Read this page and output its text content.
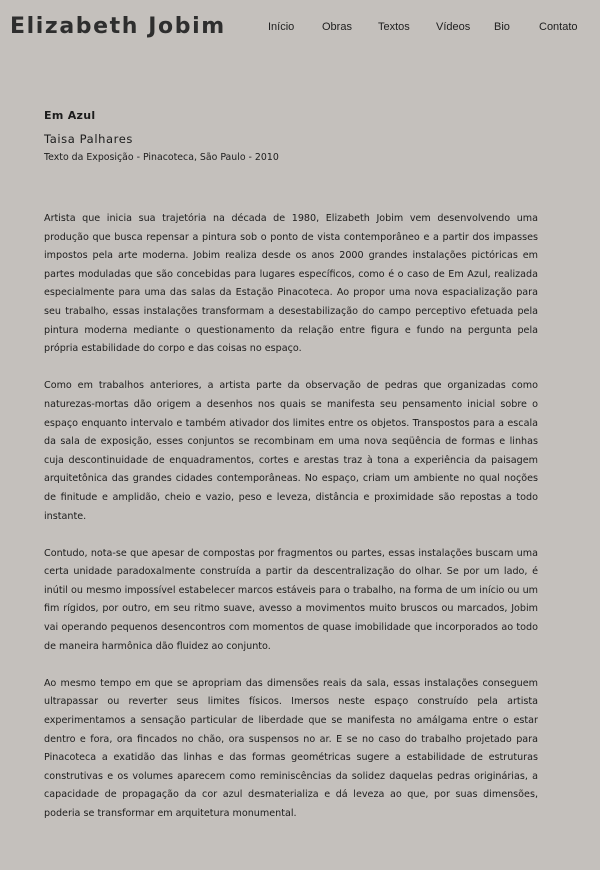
Elizabeth Jobim	Início	Obras Textos Vídeos Bio	Contato
Em Azul
Taisa Palhares
Texto da Exposição - Pinacoteca, São Paulo - 2010

Artista que inicia sua trajetória na década de 1980, Elizabeth Jobim vem desenvolvendo uma produção que busca repensar a pintura sob o ponto de vista contemporâneo e a partir dos impasses impostos pela arte moderna. Jobim realiza desde os anos 2000 grandes instalações pictóricas em partes moduladas que são concebidas para lugares específicos, como é o caso de Em Azul, realizada especialmente para uma das salas da Estação Pinacoteca. Ao propor uma nova espacialização para seu trabalho, essas instalações transformam a desestabilização do campo perceptivo efetuada pela pintura moderna mediante o questionamento da relação entre figura e fundo na pergunta pela própria estabilidade do corpo e das coisas no espaço.

Como em trabalhos anteriores, a artista parte da observação de pedras que organizadas como naturezas-mortas dão origem a desenhos nos quais se manifesta seu pensamento inicial sobre o espaço enquanto intervalo e também ativador dos limites entre os objetos. Transpostos para a escala da sala de exposição, esses conjuntos se recombinam em uma nova seqüência de formas e linhas cuja descontinuidade de enquadramentos, cortes e arestas traz à tona a experiência da paisagem arquitetônica das grandes cidades contemporâneas. No espaço, criam um ambiente no qual noções de finitude e amplidão, cheio e vazio, peso e leveza, distância e proximidade são repostas a todo instante.

Contudo, nota-se que apesar de compostas por fragmentos ou partes, essas instalações buscam uma certa unidade paradoxalmente construída a partir da descentralização do olhar. Se por um lado, é inútil ou mesmo impossível estabelecer marcos estáveis para o trabalho, na forma de um início ou um fim rígidos, por outro, em seu ritmo suave, avesso a movimentos muito bruscos ou marcados, Jobim vai operando pequenos desencontros com momentos de quase imobilidade que incorporados ao todo de maneira harmônica dão fluidez ao conjunto.

Ao mesmo tempo em que se apropriam das dimensões reais da sala, essas instalações conseguem ultrapassar ou reverter seus limites físicos. Imersos neste espaço construído pela artista experimentamos a sensação particular de liberdade que se manifesta no amálgama entre o estar dentro e fora, ora fincados no chão, ora suspensos no ar. E se no caso do trabalho projetado para Pinacoteca a exatidão das linhas e das formas geométricas sugere a estabilidade de estruturas construtivas e os volumes aparecem como reminiscências da solidez daquelas pedras originárias, a capacidade de propagação da cor azul desmaterializa e dá leveza ao que, por suas dimensões, poderia se transformar em arquitetura monumental.
